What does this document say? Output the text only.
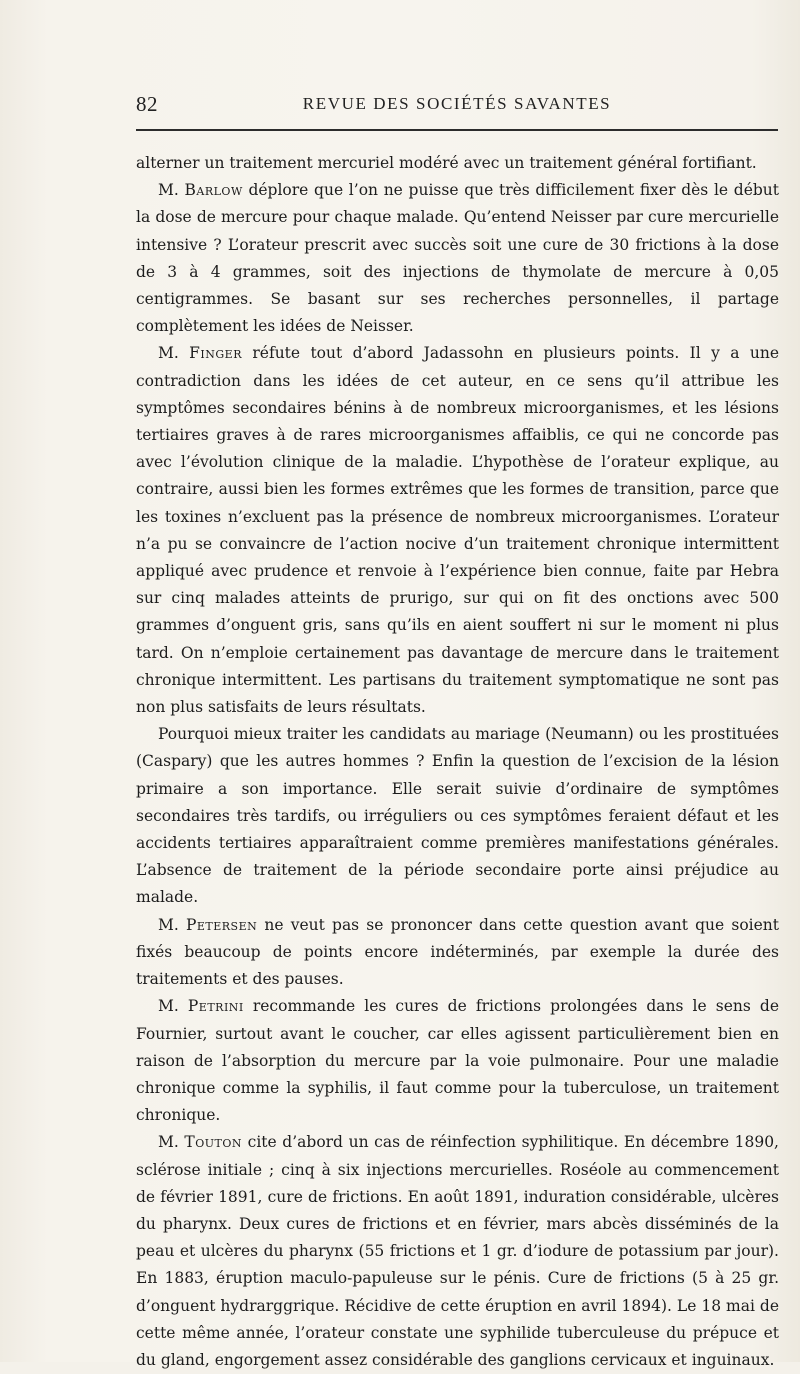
82	REVUE DES SOCIÉTÉS SAVANTES

alterner un traitement mercuriel modéré avec un traitement général fortifiant.

M. Barlow déplore que l’on ne puisse que très difficilement fixer dès le début la dose de mercure pour chaque malade. Qu’entend Neisser par cure mercurielle intensive ? L’orateur prescrit avec succès soit une cure de 30 frictions à la dose de 3 à 4 grammes, soit des injections de thymolate de mercure à 0,05 centigrammes. Se basant sur ses recherches personnelles, il partage complètement les idées de Neisser.

M. Finger réfute tout d’abord Jadassohn en plusieurs points. Il y a une contradiction dans les idées de cet auteur, en ce sens qu’il attribue les symptômes secondaires bénins à de nombreux microorganismes, et les lésions tertiaires graves à de rares microorganismes affaiblis, ce qui ne concorde pas avec l’évolution clinique de la maladie. L’hypothèse de l’orateur explique, au contraire, aussi bien les formes extrêmes que les formes de transition, parce que les toxines n’excluent pas la présence de nombreux microorganismes. L’orateur n’a pu se convaincre de l’action nocive d’un traitement chronique intermittent appliqué avec prudence et renvoie à l’expérience bien connue, faite par Hebra sur cinq malades atteints de prurigo, sur qui on fit des onctions avec 500 grammes d’onguent gris, sans qu’ils en aient souffert ni sur le moment ni plus tard. On n’emploie certainement pas davantage de mercure dans le traitement chronique intermittent. Les partisans du traitement symptomatique ne sont pas non plus satisfaits de leurs résultats.

Pourquoi mieux traiter les candidats au mariage (Neumann) ou les prostituées (Caspary) que les autres hommes ? Enfin la question de l’excision de la lésion primaire a son importance. Elle serait suivie d’ordinaire de symptômes secondaires très tardifs, ou irréguliers ou ces symptômes feraient défaut et les accidents tertiaires apparaîtraient comme premières manifestations générales. L’absence de traitement de la période secondaire porte ainsi préjudice au malade.

M. Petersen ne veut pas se prononcer dans cette question avant que soient fixés beaucoup de points encore indéterminés, par exemple la durée des traitements et des pauses.

M. Petrini recommande les cures de frictions prolongées dans le sens de Fournier, surtout avant le coucher, car elles agissent particulièrement bien en raison de l’absorption du mercure par la voie pulmonaire. Pour une maladie chronique comme la syphilis, il faut comme pour la tuberculose, un traitement chronique.

M. Touton cite d’abord un cas de réinfection syphilitique. En décembre 1890, sclérose initiale ; cinq à six injections mercurielles. Roséole au commencement de février 1891, cure de frictions. En août 1891, induration considérable, ulcères du pharynx. Deux cures de frictions et en février, mars abcès disséminés de la peau et ulcères du pharynx (55 frictions et 1 gr. d’iodure de potassium par jour). En 1883, éruption maculo-papuleuse sur le pénis. Cure de frictions (5 à 25 gr. d’onguent hydrarggrique. Récidive de cette éruption en avril 1894). Le 18 mai de cette même année, l’orateur constate une syphilide tuberculeuse du prépuce et du gland, engorgement assez considérable des ganglions cervicaux et inguinaux.
